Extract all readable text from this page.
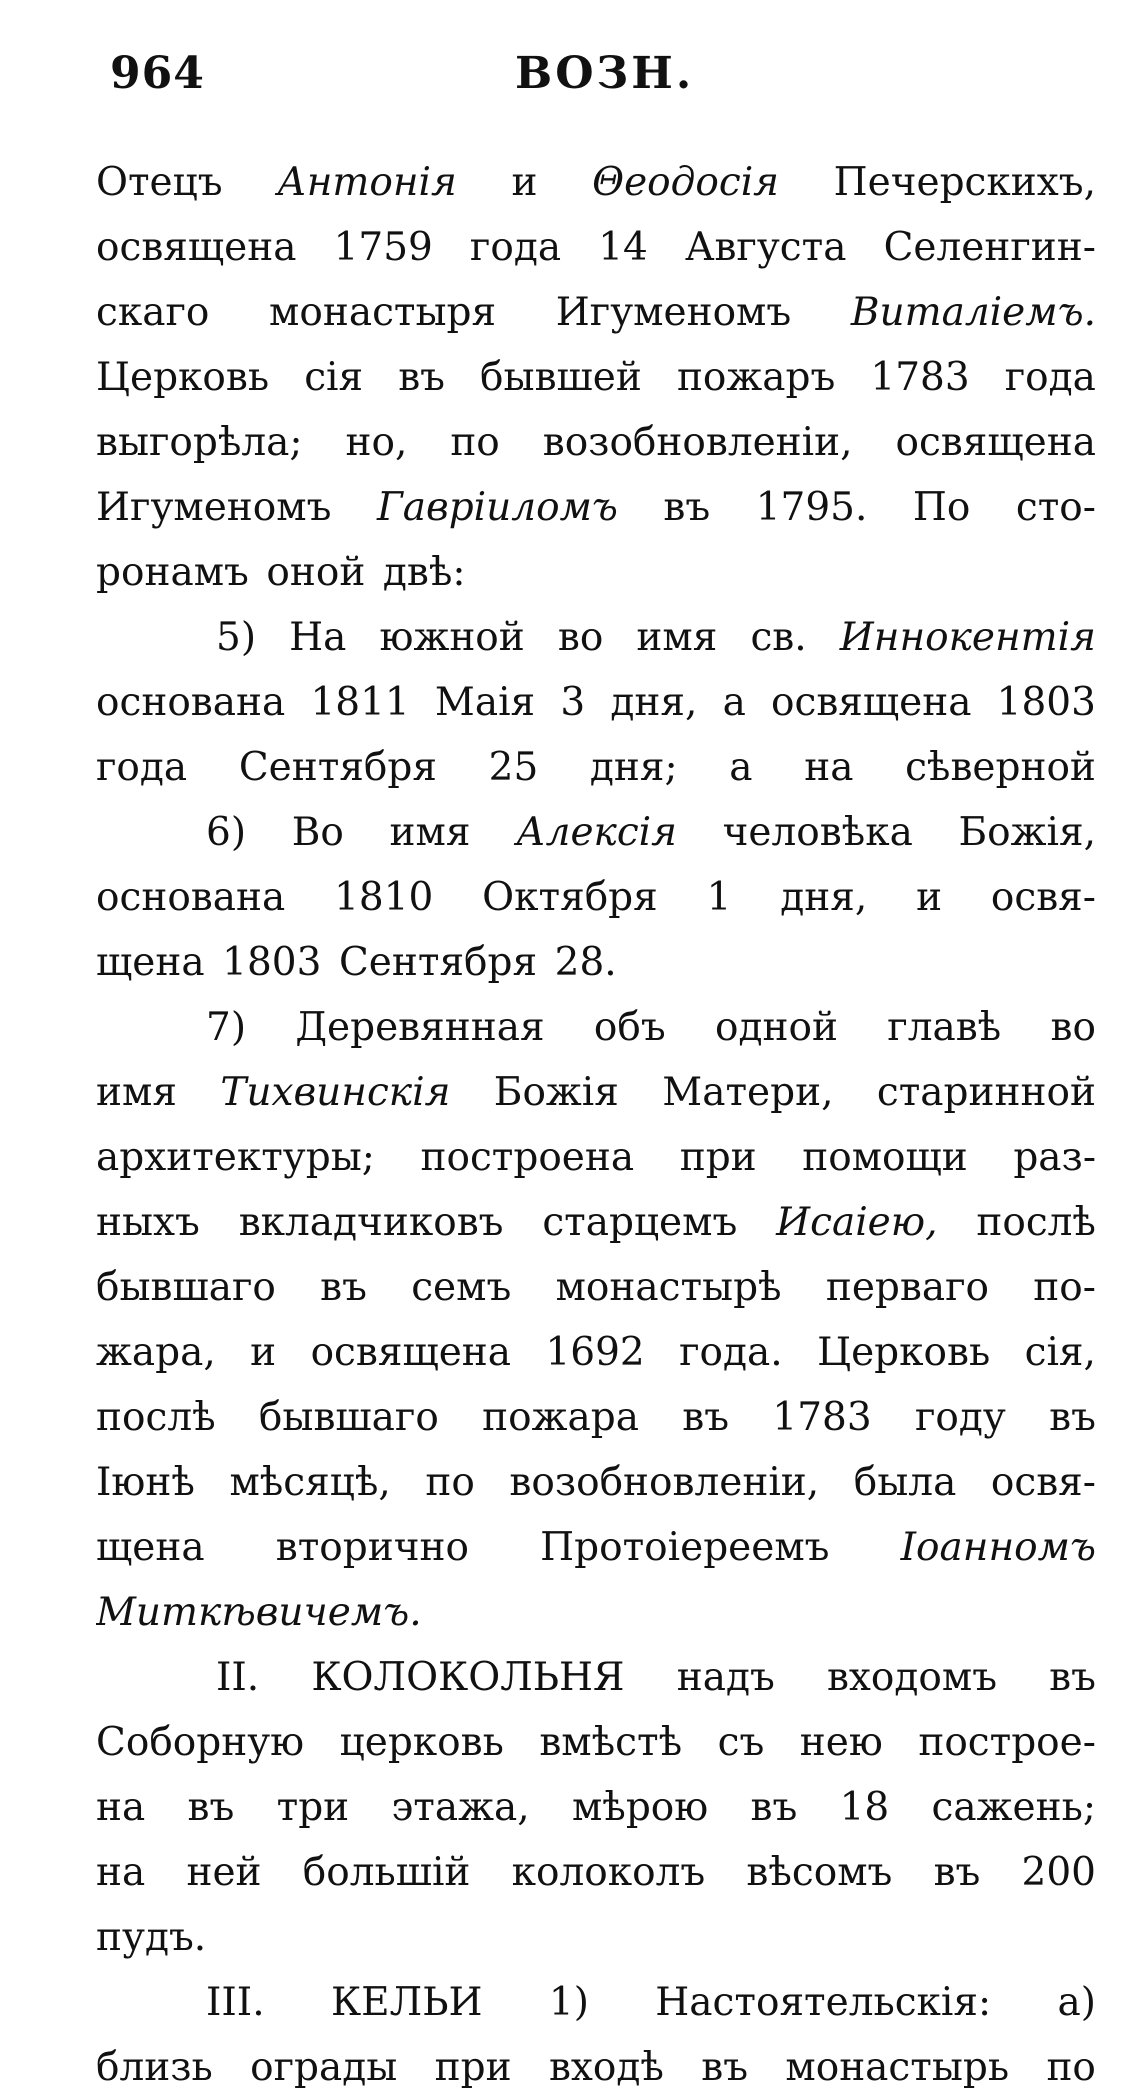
964	ВОЗН.
Отецъ Антонія и Θеодосія Печерскихъ,
освящена 1759 года 14 Августа Селенгин-
скаго монастыря Игуменомъ Виталіемъ.
Церковь сія въ бывшей пожаръ 1783 года
выгорѣла; но, по возобновленіи, освящена
Игуменомъ Гавріиломъ въ 1795. По сто-
ронамъ оной двѣ:
5) На южной во имя св. Иннокентія
основана 1811 Маія 3 дня, а освящена 1803
года Сентября 25 дня; а на сѣверной
6) Во имя Алексія человѣка Божія,
основана 1810 Октября 1 дня, и освя-
щена 1803 Сентября 28.
7) Деревянная объ одной главѣ во
имя Тихвинскія Божія Матери, старинной
архитектуры; построена при помощи раз-
ныхъ вкладчиковъ старцемъ Исаіею, послѣ
бывшаго въ семъ монастырѣ перваго по-
жара, и освящена 1692 года. Церковь сія,
послѣ бывшаго пожара въ 1783 году въ
Іюнѣ мѣсяцѣ, по возобновленіи, была освя-
щена вторично Протоіереемъ Іоанномъ
Миткѣвичемъ.
II. КОЛОКОЛЬНЯ надъ входомъ въ
Соборную церковь вмѣстѣ съ нею построе-
на въ три этажа, мѣрою въ 18 сажень;
на ней большій колоколъ вѣсомъ въ 200
пудъ.
III. КЕЛЬИ 1) Настоятельскія: а)
близь ограды при входѣ въ монастырь по
